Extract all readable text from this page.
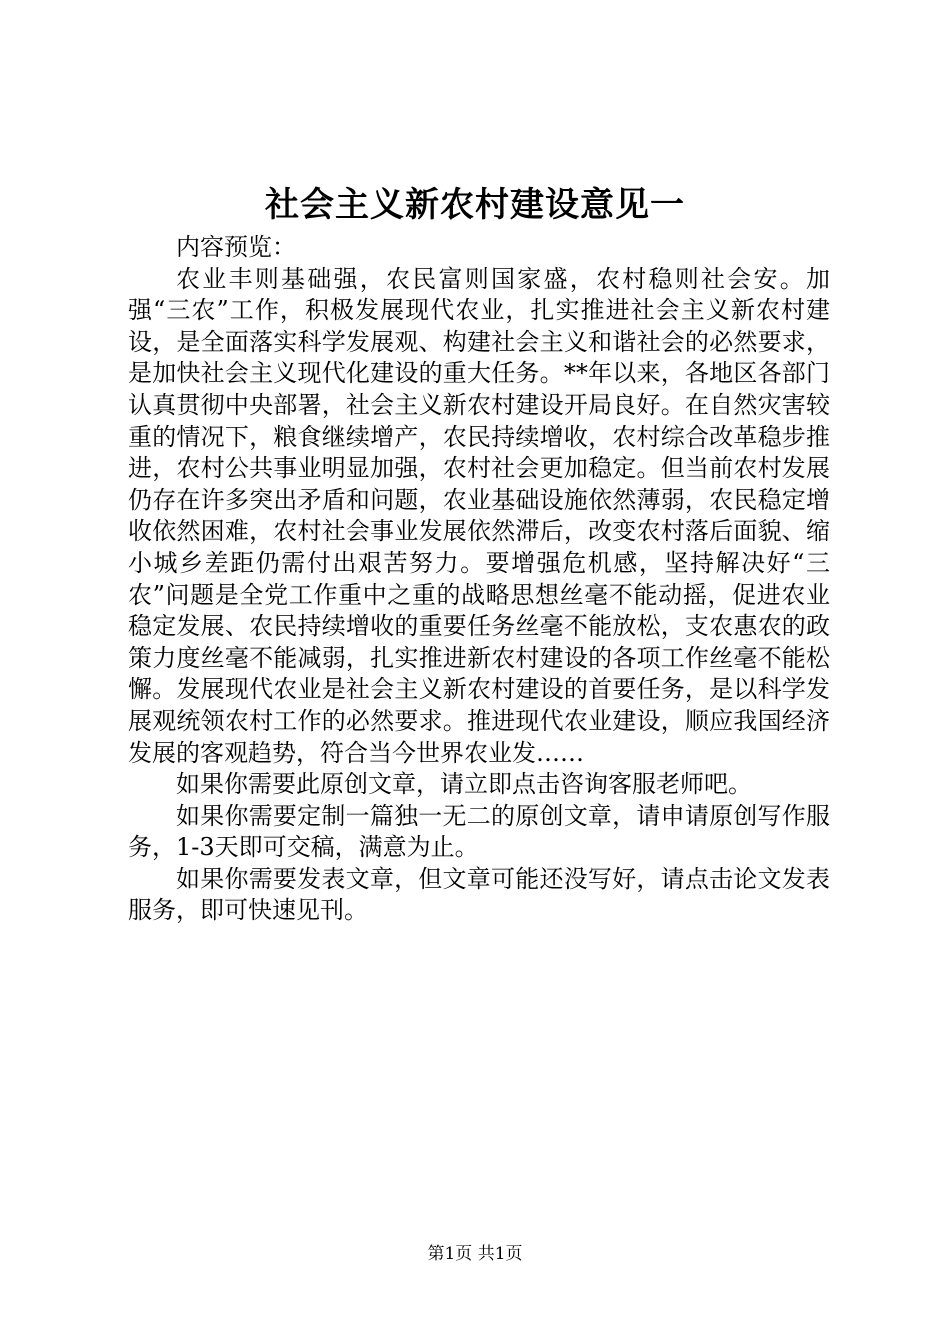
社会主义新农村建设意见一

内容预览：

农业丰则基础强，农民富则国家盛，农村稳则社会安。加强“三农”工作，积极发展现代农业，扎实推进社会主义新农村建设，是全面落实科学发展观、构建社会主义和谐社会的必然要求，是加快社会主义现代化建设的重大任务。**年以来，各地区各部门认真贯彻中央部署，社会主义新农村建设开局良好。在自然灾害较重的情况下，粮食继续增产，农民持续增收，农村综合改革稳步推进，农村公共事业明显加强，农村社会更加稳定。但当前农村发展仍存在许多突出矛盾和问题，农业基础设施依然薄弱，农民稳定增收依然困难，农村社会事业发展依然滞后，改变农村落后面貌、缩小城乡差距仍需付出艰苦努力。要增强危机感，坚持解决好“三农”问题是全党工作重中之重的战略思想丝毫不能动摇，促进农业稳定发展、农民持续增收的重要任务丝毫不能放松，支农惠农的政策力度丝毫不能减弱，扎实推进新农村建设的各项工作丝毫不能松懈。发展现代农业是社会主义新农村建设的首要任务，是以科学发展观统领农村工作的必然要求。推进现代农业建设，顺应我国经济发展的客观趋势，符合当今世界农业发……

如果你需要此原创文章，请立即点击咨询客服老师吧。

如果你需要定制一篇独一无二的原创文章，请申请原创写作服务，1-3天即可交稿，满意为止。

如果你需要发表文章，但文章可能还没写好，请点击论文发表服务，即可快速见刊。

第1页 共1页
